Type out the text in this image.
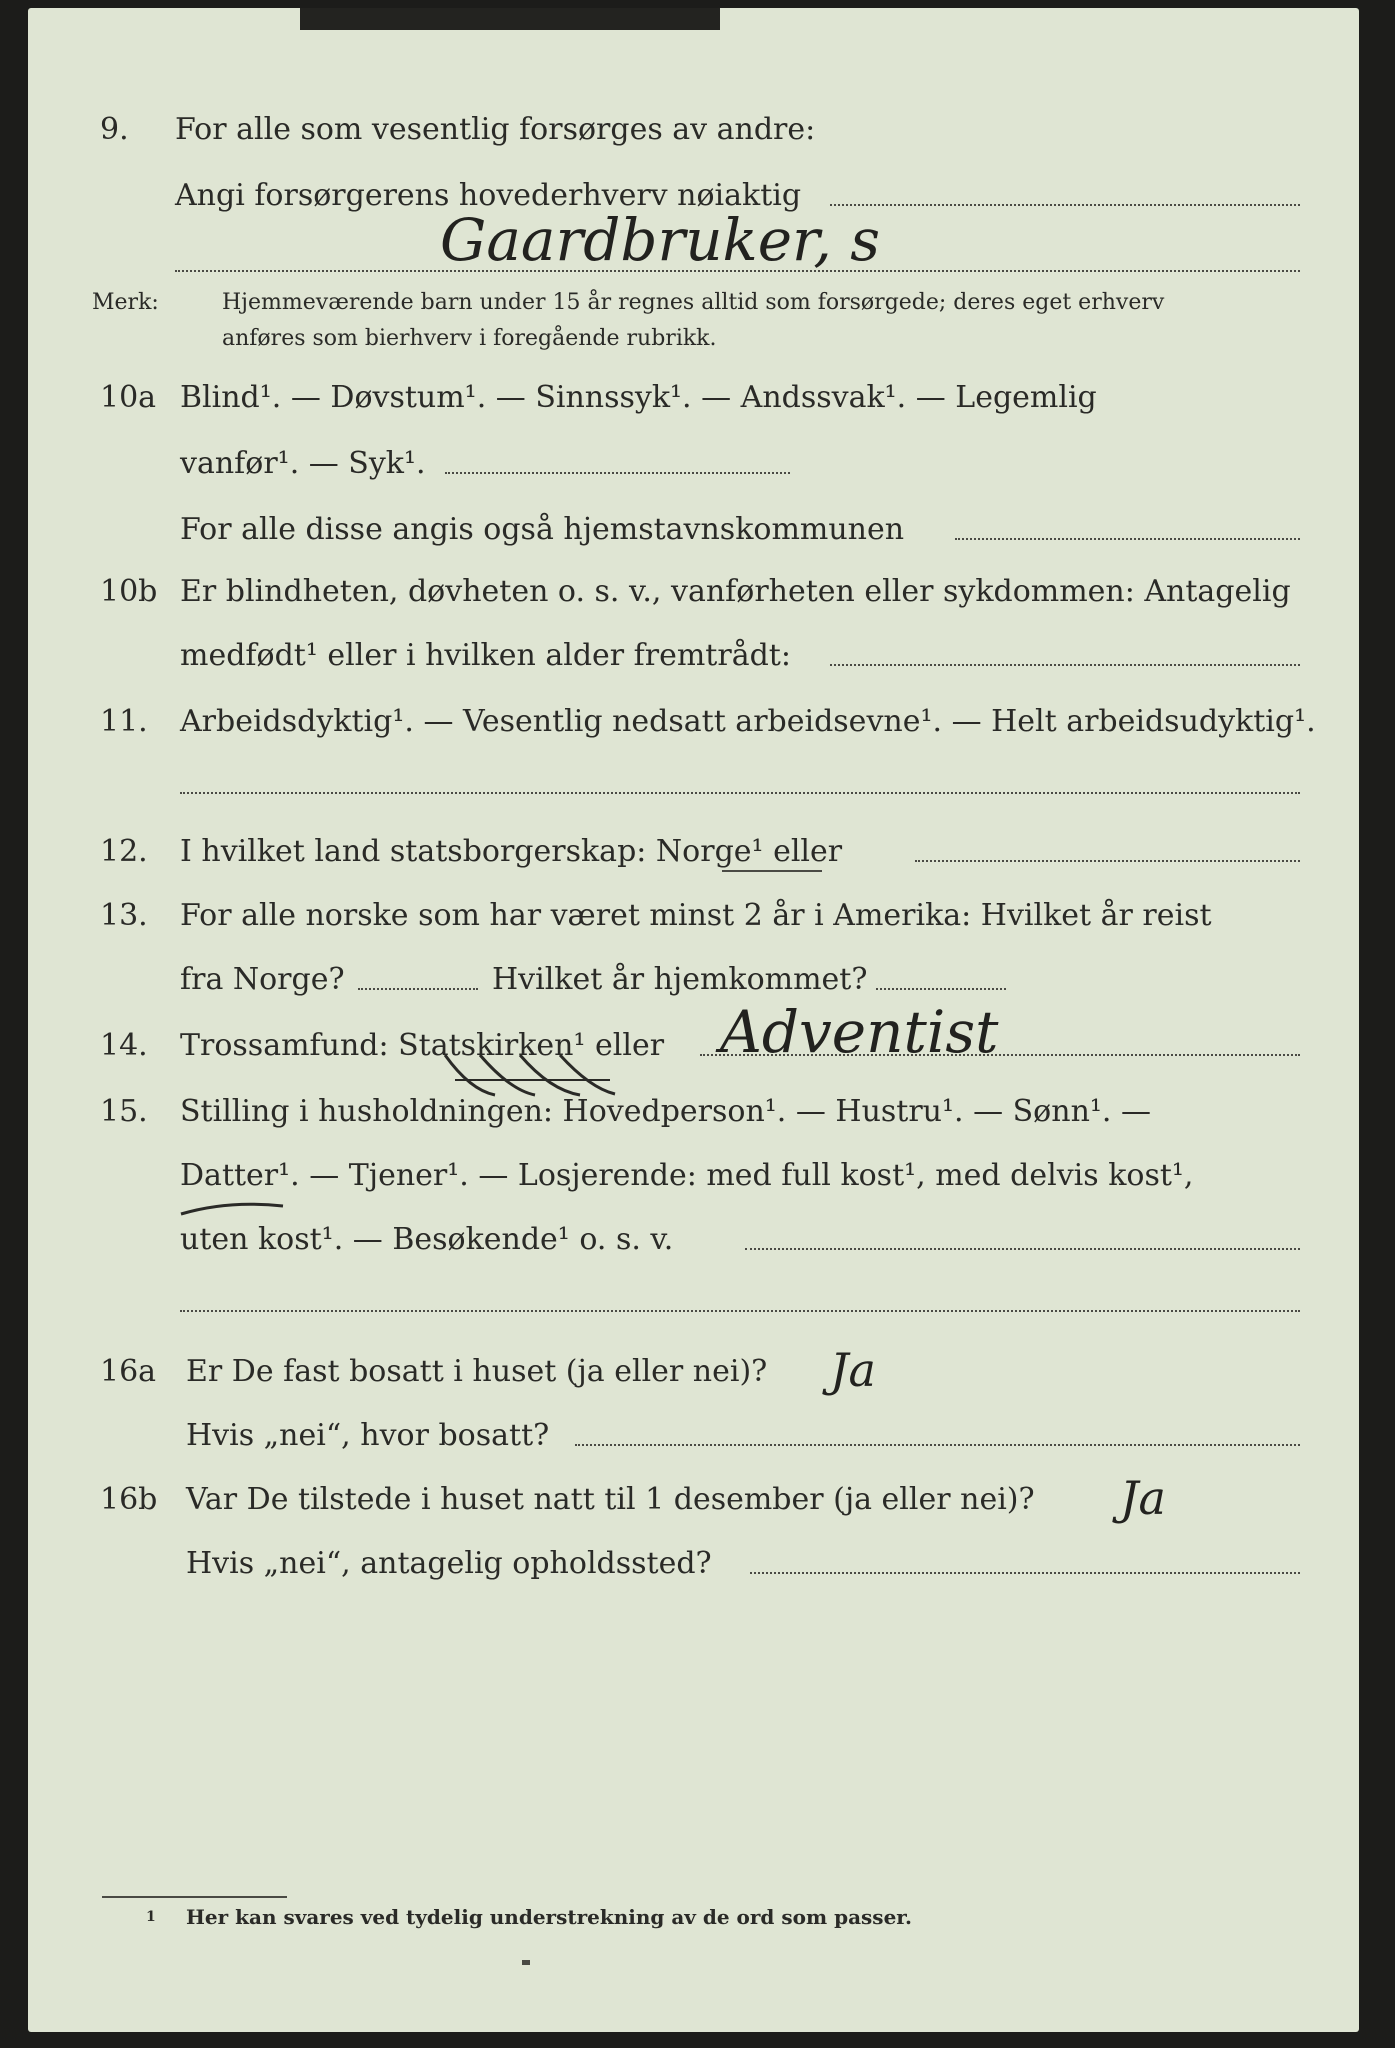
9. For alle som vesentlig forsørges av andre:
Angi forsørgerens hovederhverv nøiaktig
Gaardbruker, s
Merk:	Hjemmeværende barn under 15 år regnes alltid som forsørgede; deres eget erhverv
anføres som bierhverv i foregående rubrikk.
10a Blind¹. — Døvstum¹. — Sinnssyk¹. — Andssvak¹. — Legemlig
vanfør¹. — Syk¹.
For alle disse angis også hjemstavnskommunen
10b Er blindheten, døvheten o. s. v., vanførheten eller sykdommen: Antagelig
medfødt¹ eller i hvilken alder fremtrådt:
11. Arbeidsdyktig¹. — Vesentlig nedsatt arbeidsevne¹. — Helt arbeidsudyktig¹.
12. I hvilket land statsborgerskap: Norge¹ eller
13. For alle norske som har været minst 2 år i Amerika: Hvilket år reist
fra Norge?	Hvilket år hjemkommet?
14. Trossamfund: Statskirken¹ eller Adventist
15. Stilling i husholdningen: Hovedperson¹. — Hustru¹. — Sønn¹. —
Datter¹. — Tjener¹. — Losjerende: med full kost¹, med delvis kost¹,
uten kost¹. — Besøkende¹ o. s. v.
16a Er De fast bosatt i huset (ja eller nei)? Ja
Hvis „nei“, hvor bosatt?
16b Var De tilstede i huset natt til 1 desember (ja eller nei)? Ja
Hvis „nei“, antagelig opholdssted?
1 Her kan svares ved tydelig understrekning av de ord som passer.
